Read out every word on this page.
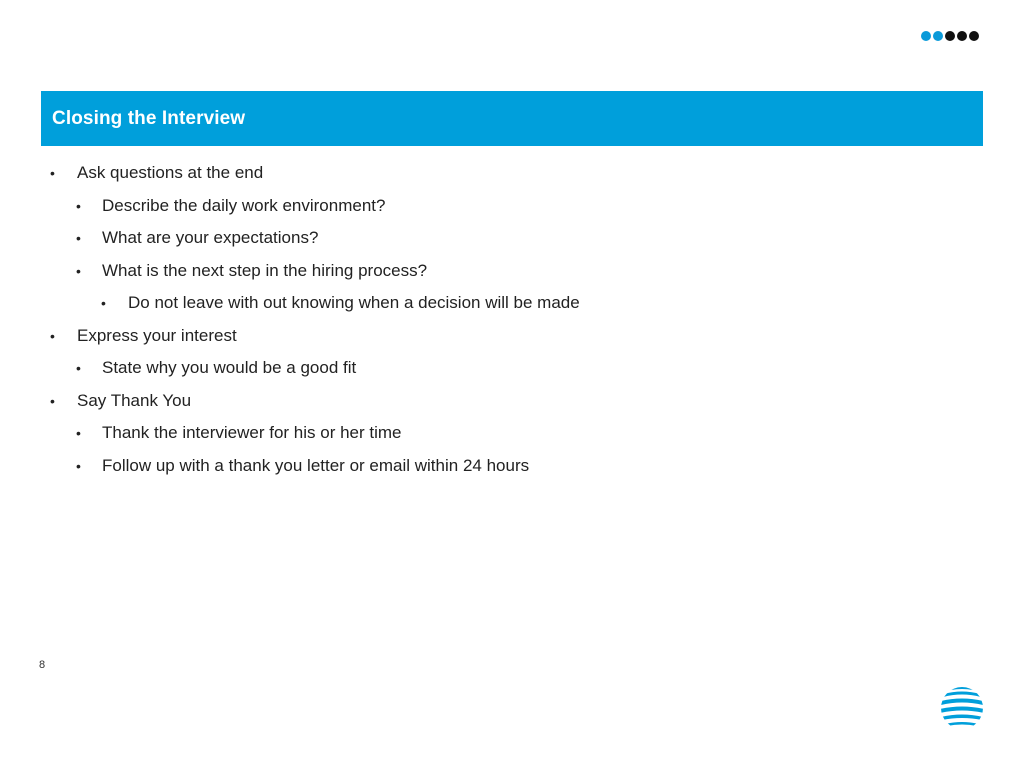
Closing the Interview
• Ask questions at the end
• Describe the daily work environment?
• What are your expectations?
• What is the next step in the hiring process?
• Do not leave with out knowing when a decision will be made
• Express your interest
• State why you would be a good fit
• Say Thank You
• Thank the interviewer for his or her time
• Follow up with a thank you letter or email within 24 hours
8
